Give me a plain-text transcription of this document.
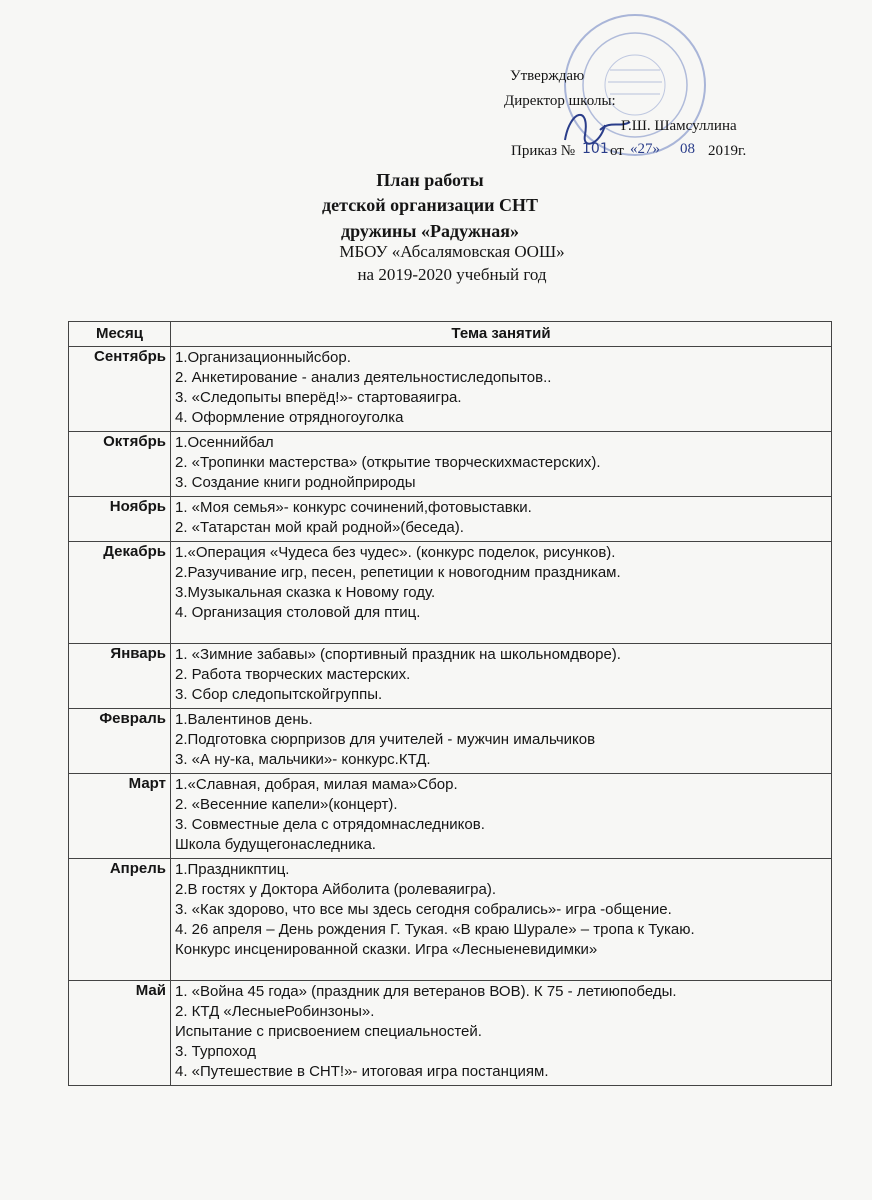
Утверждаю
Директор школы:
Г.Ш. Шамсуллина
Приказ № 101 от «27» 08 2019г.
План работы
детской организации СНТ
дружины «Радужная»
МБОУ «Абсалямовская ООШ»
на 2019-2020 учебный год
Месяц	Тема занятий
Сентябрь	1.Организационныйсбор.
2. Анкетирование - анализ деятельностиследопытов..
3. «Следопыты вперёд!»- стартоваяигра.
4. Оформление отрядногоуголка

Октябрь	1.Осеннийбал
2. «Тропинки мастерства» (открытие творческихмастерских).
3. Создание книги роднойприроды

Ноябрь	1. «Моя семья»- конкурс сочинений,фотовыставки.
2. «Татарстан мой край родной»(беседа).

Декабрь	1.«Операция «Чудеса без чудес». (конкурс поделок, рисунков).
2.Разучивание игр, песен, репетиции к новогодним праздникам.
3.Музыкальная сказка к Новому году.
4. Организация столовой для птиц.

Январь	1. «Зимние забавы» (спортивный праздник на школьномдворе).
2. Работа творческих мастерских.
3. Сбор следопытскойгруппы.

Февраль	1.Валентинов день.
2.Подготовка сюрпризов для учителей - мужчин имальчиков
3. «А ну-ка, мальчики»- конкурс.КТД.

Март	1.«Славная, добрая, милая мама»Сбор.
2. «Весенние капели»(концерт).
3. Совместные дела с отрядомнаследников.
Школа будущегонаследника.

Апрель	1.Праздникптиц.
2.В гостях у Доктора Айболита (ролеваяигра).
3. «Как здорово, что все мы здесь сегодня собрались»- игра -общение.
4. 26 апреля – День рождения Г. Тукая. «В краю Шурале» – тропа к Тукаю.
Конкурс инсценированной сказки. Игра «Лесныеневидимки»

Май	1. «Война 45 года» (праздник для ветеранов ВОВ). К 75 - летиюпобеды.
2. КТД «ЛесныеРобинзоны».
Испытание с присвоением специальностей.
3. Турпоход
4. «Путешествие в СНТ!»- итоговая игра постанциям.
